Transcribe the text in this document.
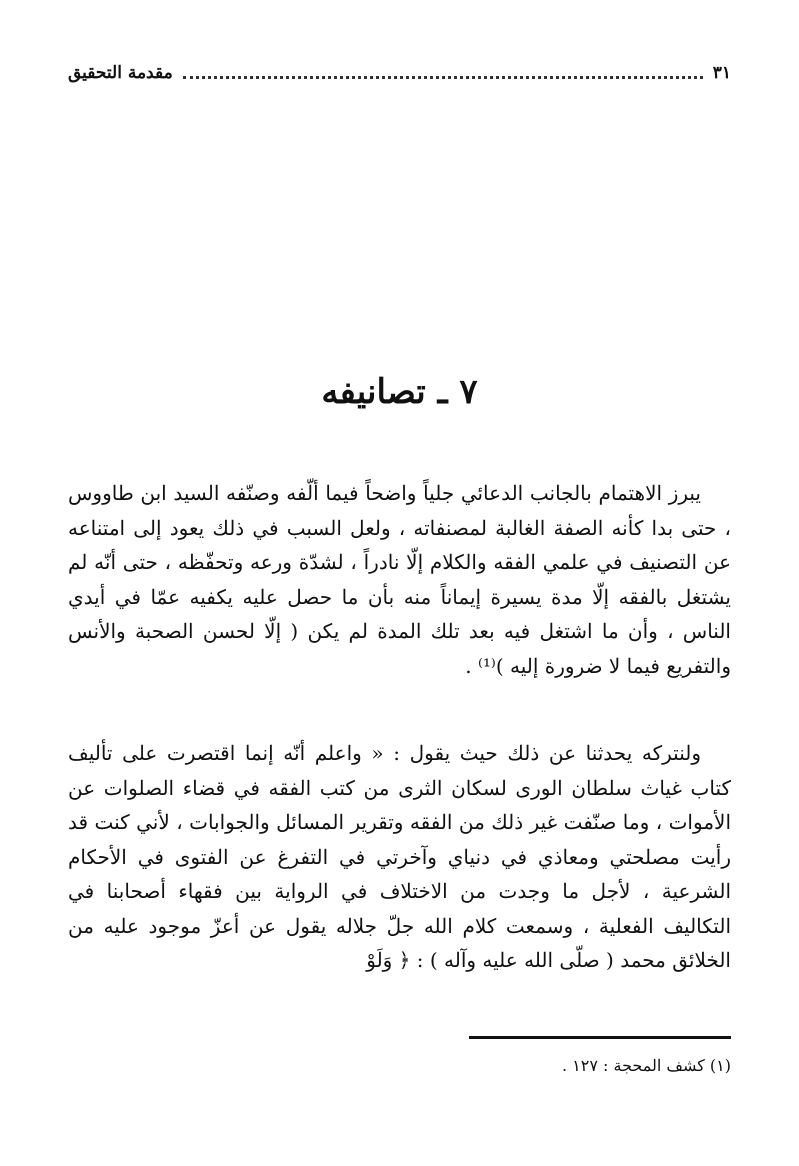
مقدمة التحقيق	٣١
٧ ـ تصانيفه

يبرز الاهتمام بالجانب الدعائي جلياً واضحاً فيما ألّفه وصنّفه السيد ابن طاووس ، حتى بدا كأنه الصفة الغالبة لمصنفاته ، ولعل السبب في ذلك يعود إلى امتناعه عن التصنيف في علمي الفقه والكلام إلّا نادراً ، لشدّة ورعه وتحفّظه ، حتى أنّه لم يشتغل بالفقه إلّا مدة يسيرة إيماناً منه بأن ما حصل عليه يكفيه عمّا في أيدي الناس ، وأن ما اشتغل فيه بعد تلك المدة لم يكن ( إلّا لحسن الصحبة والأنس والتفريع فيما لا ضرورة إليه )⁽¹⁾ .

ولنتركه يحدثنا عن ذلك حيث يقول : « واعلم أنّه إنما اقتصرت على تأليف كتاب غياث سلطان الورى لسكان الثرى من كتب الفقه في قضاء الصلوات عن الأموات ، وما صنّفت غير ذلك من الفقه وتقرير المسائل والجوابات ، لأني كنت قد رأيت مصلحتي ومعاذي في دنياي وآخرتي في التفرغ عن الفتوى في الأحكام الشرعية ، لأجل ما وجدت من الاختلاف في الرواية بين فقهاء أصحابنا في التكاليف الفعلية ، وسمعت كلام الله جلّ جلاله يقول عن أعزّ موجود عليه من الخلائق محمد ( صلّى الله عليه وآله ) : ﴿ وَلَوْ

(١) كشف المحجة : ١٢٧ .
